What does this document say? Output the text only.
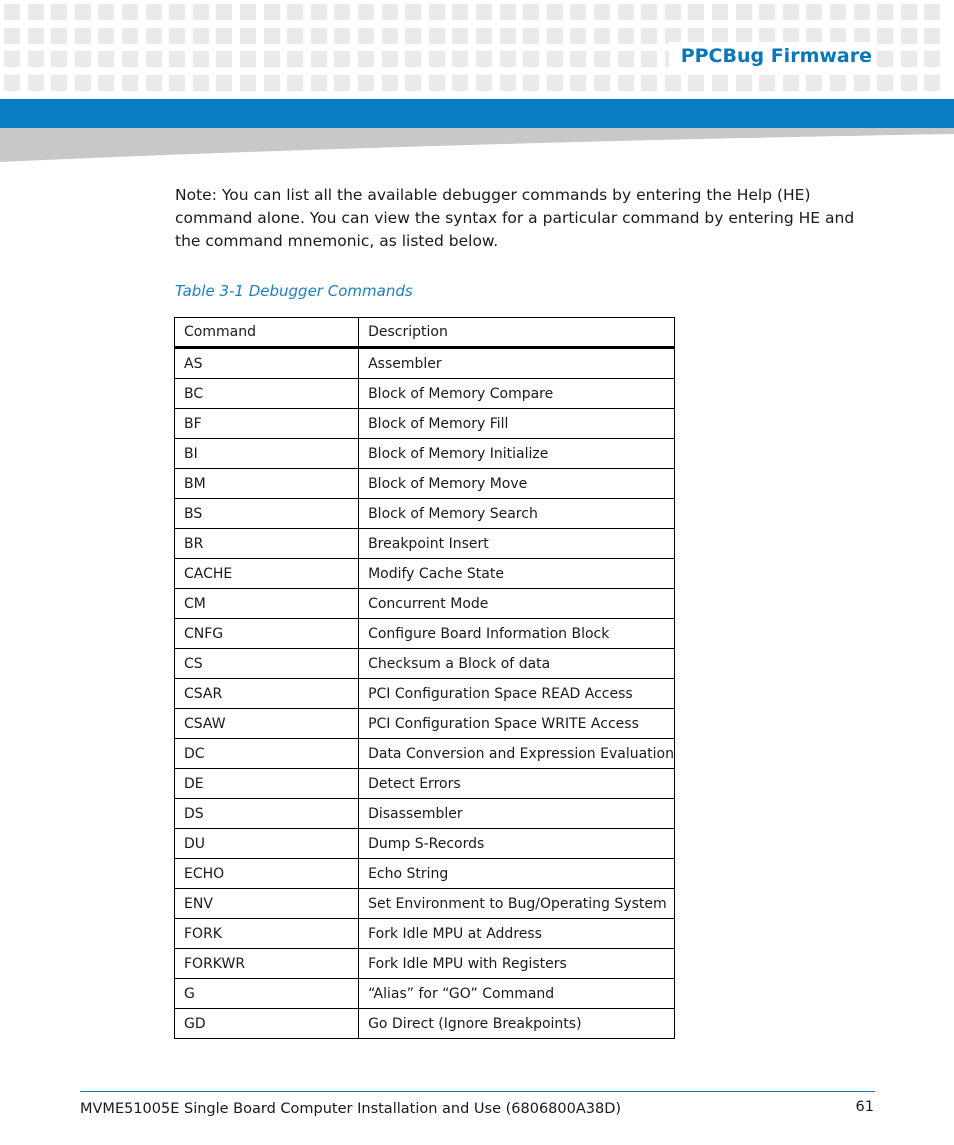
PPCBug Firmware

Note: You can list all the available debugger commands by entering the Help (HE) command alone. You can view the syntax for a particular command by entering HE and the command mnemonic, as listed below.

Table 3-1 Debugger Commands
Command	Description
AS	Assembler
BC	Block of Memory Compare
BF	Block of Memory Fill
BI	Block of Memory Initialize
BM	Block of Memory Move
BS	Block of Memory Search
BR	Breakpoint Insert
CACHE	Modify Cache State
CM	Concurrent Mode
CNFG	Configure Board Information Block
CS	Checksum a Block of data
CSAR	PCI Configuration Space READ Access
CSAW	PCI Configuration Space WRITE Access
DC	Data Conversion and Expression Evaluation
DE	Detect Errors
DS	Disassembler
DU	Dump S-Records
ECHO	Echo String
ENV	Set Environment to Bug/Operating System
FORK	Fork Idle MPU at Address
FORKWR	Fork Idle MPU with Registers
G	“Alias” for “GO” Command
GD	Go Direct (Ignore Breakpoints)
MVME51005E Single Board Computer Installation and Use (6806800A38D)	61
